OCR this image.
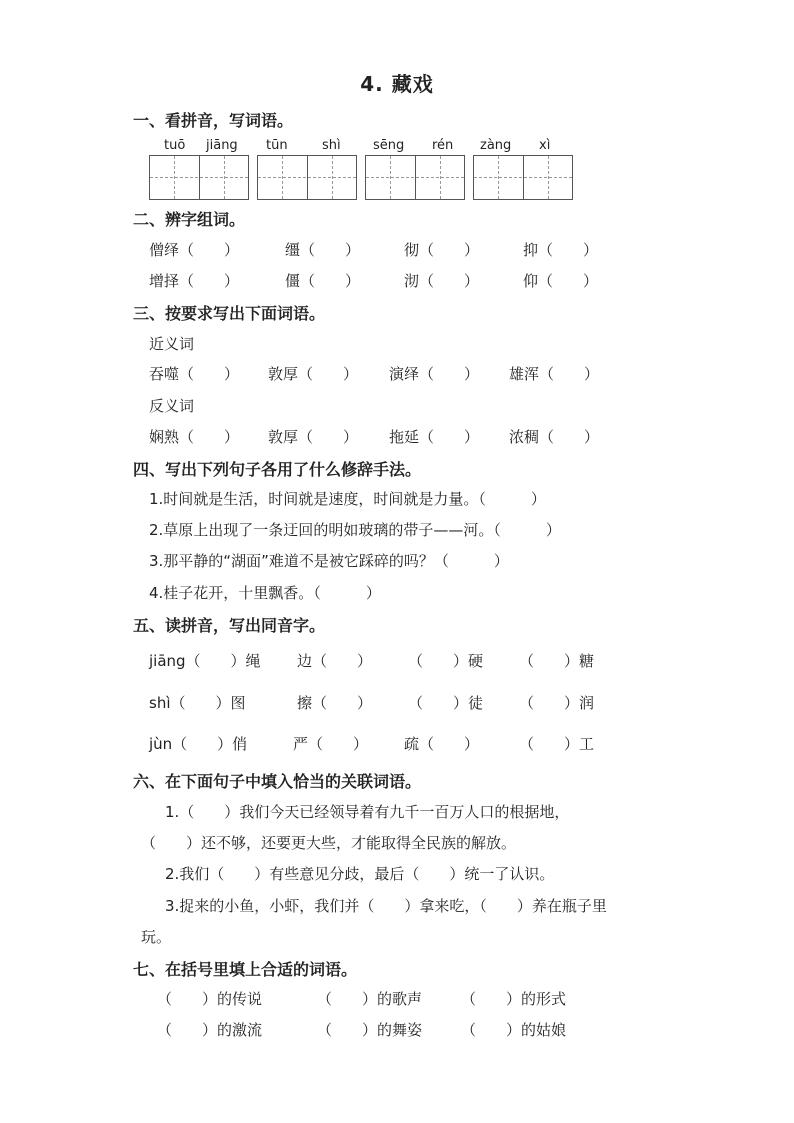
4. 藏戏
一、看拼音，写词语。
tuō jiāng tūn	shì sēng rén zàng xì
二、辨字组词。
僧绎（　　）	缰（　　）	彻（　　）	抑（　　）
增择（　　）	僵（　　）	沏（　　）	仰（　　）
三、按要求写出下面词语。
近义词
吞噬（　　） 敦厚（　　） 演绎（　　） 雄浑（　　）
反义词
娴熟（　　） 敦厚（　　） 拖延（　　） 浓稠（　　）
四、写出下列句子各用了什么修辞手法。
1.时间就是生活，时间就是速度，时间就是力量。（　　　）
2.草原上出现了一条迂回的明如玻璃的带子——河。（　　　）
3.那平静的“湖面”难道不是被它踩碎的吗？（　　　）
4.桂子花开，十里飘香。（　　　）
五、读拼音，写出同音字。
jiāng（　　）绳 边（　　） （　　）硬 （　　）糖
shì（　　）图	擦（　　） （　　）徒 （　　）润
jùn（　　）俏	严（　　） 疏（　　）	（　　）工
六、在下面句子中填入恰当的关联词语。
1.（　　）我们今天已经领导着有九千一百万人口的根据地，
（　　）还不够，还要更大些，才能取得全民族的解放。
2.我们（　　）有些意见分歧，最后（　　）统一了认识。
3.捉来的小鱼，小虾，我们并（　　）拿来吃，（　　）养在瓶子里
玩。
七、在括号里填上合适的词语。
（　　）的传说	（　　）的歌声	（　　）的形式
（　　）的激流	（　　）的舞姿	（　　）的姑娘
